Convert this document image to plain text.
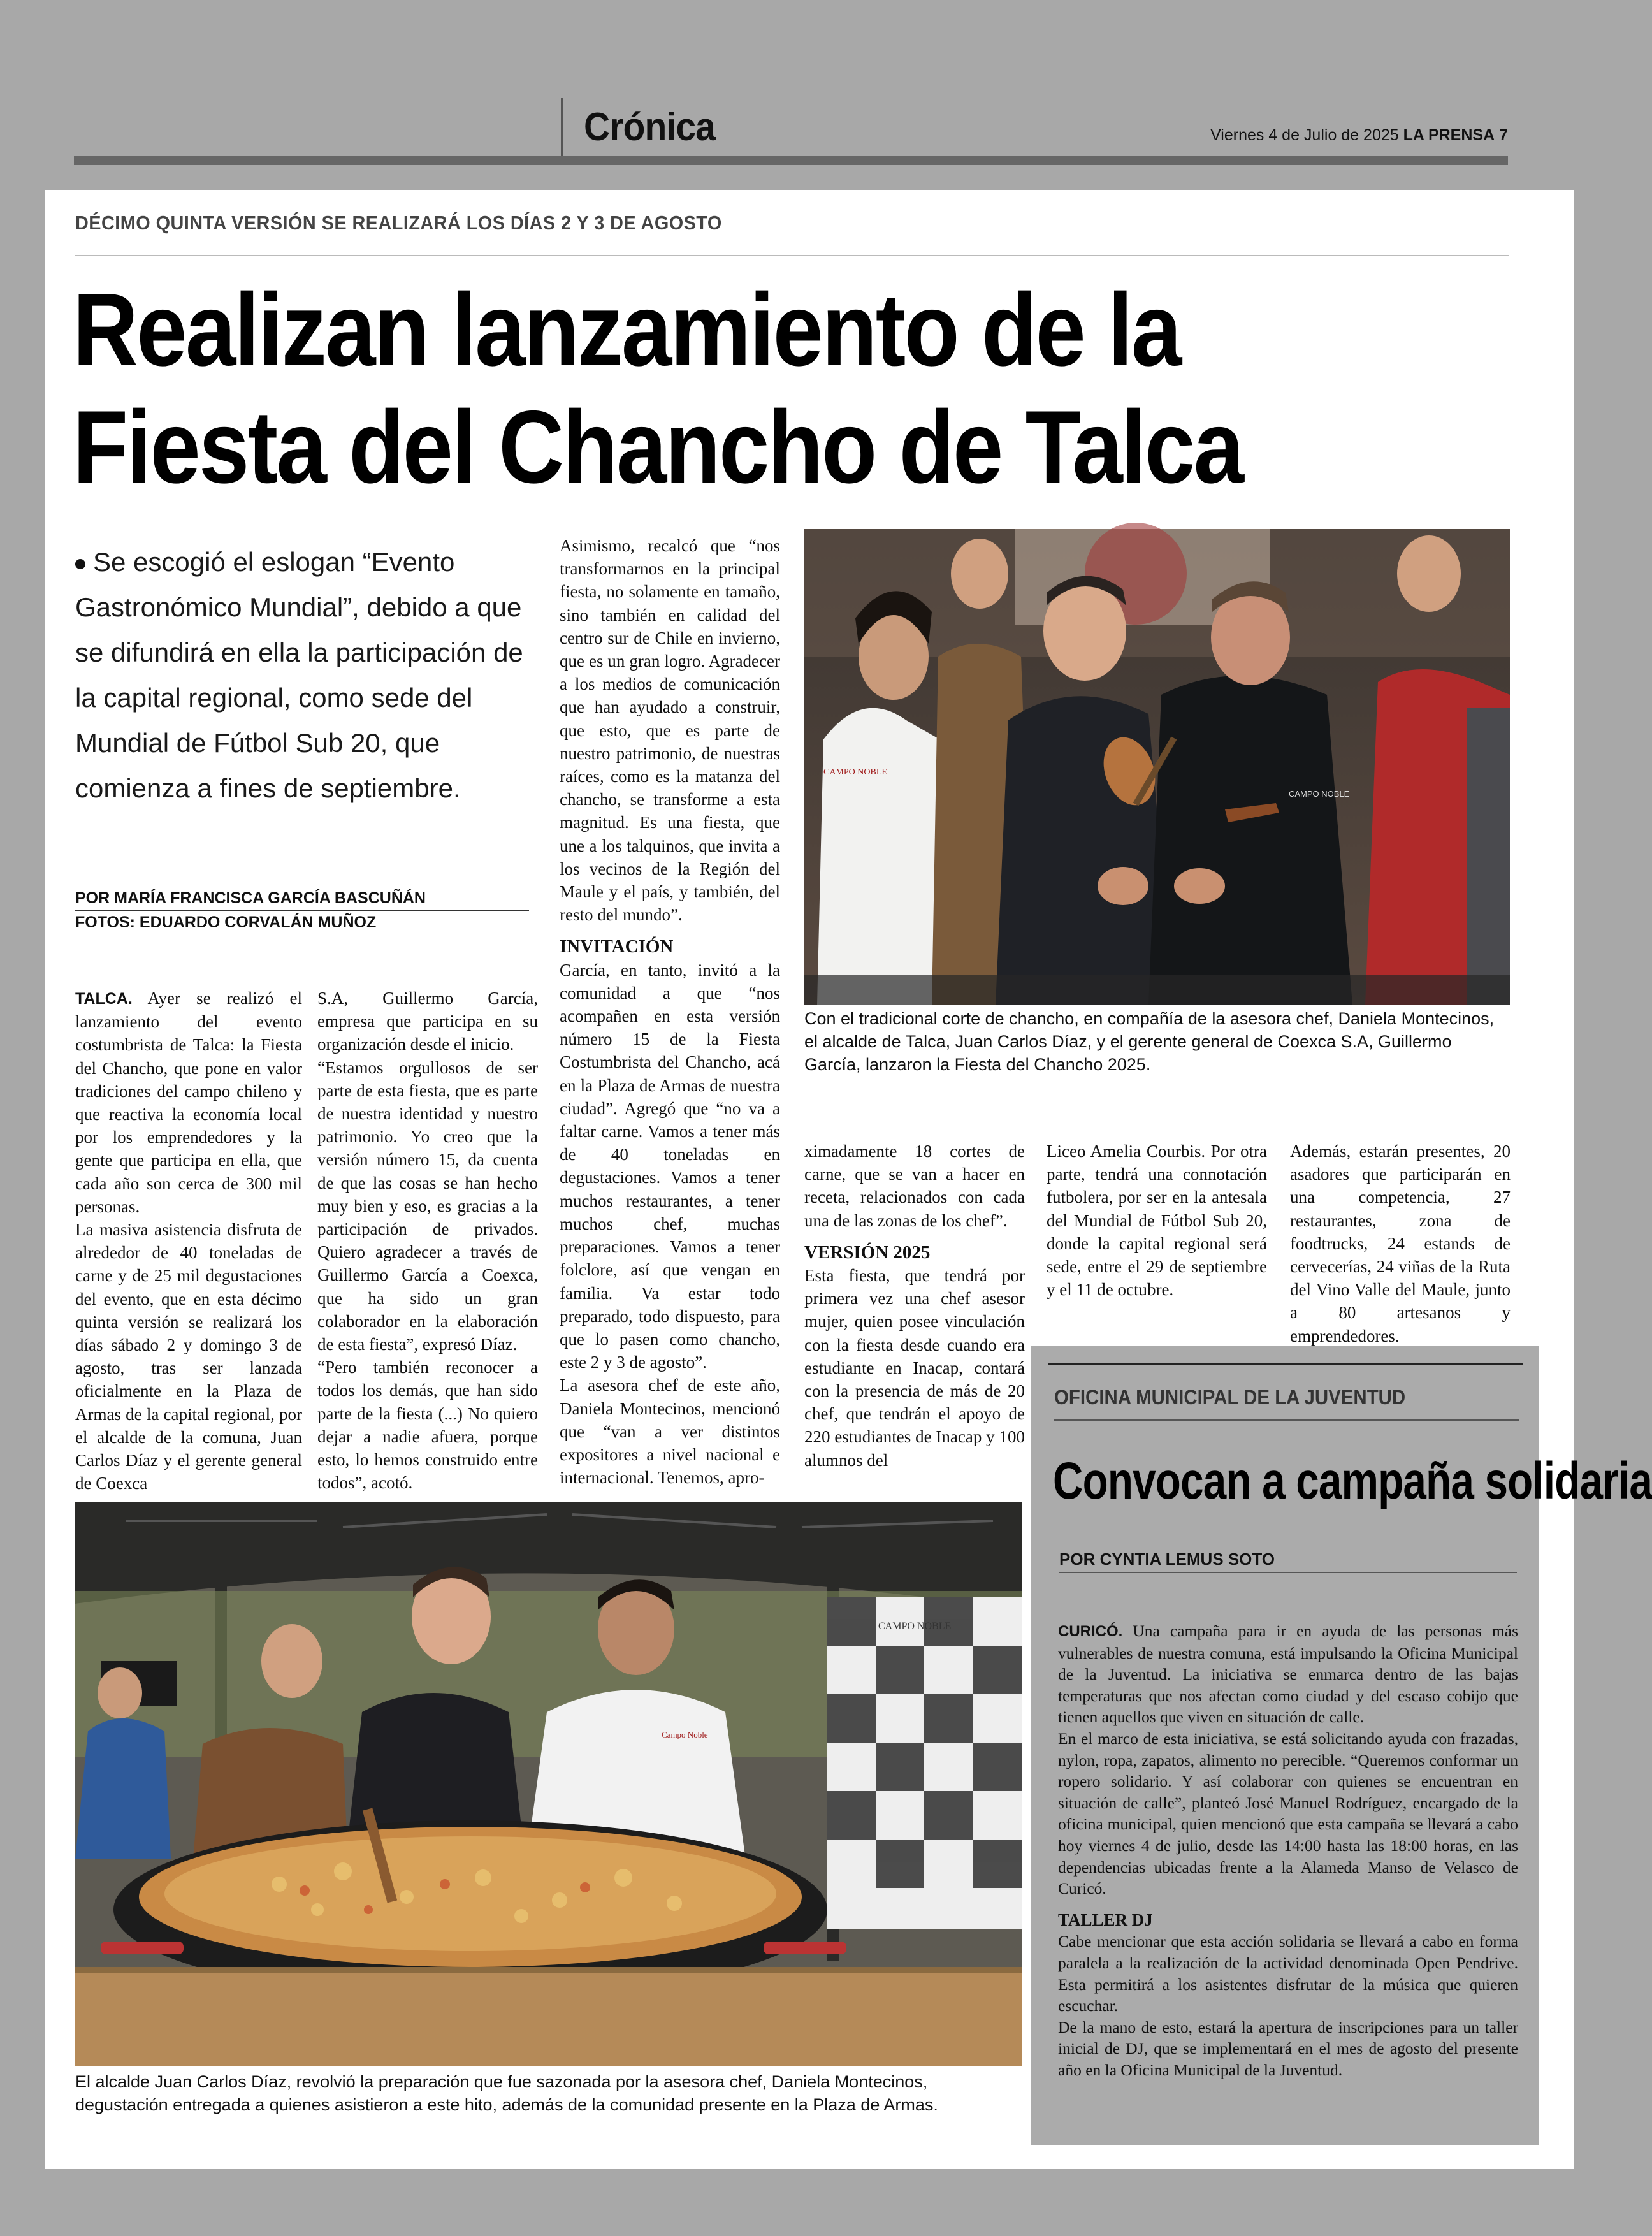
Crónica	Viernes 4 de Julio de 2025 LA PRENSA 7
DÉCIMO QUINTA VERSIÓN SE REALIZARÁ LOS DÍAS 2 Y 3 DE AGOSTO
Realizan lanzamiento de la
Fiesta del Chancho de Talca

Se escogió el eslogan “Evento Gastronómico Mundial”, debido a que se difundirá en ella la participación de la capital regional, como sede del Mundial de Fútbol Sub 20, que comienza a fines de septiembre.

POR MARÍA FRANCISCA GARCÍA BASCUÑÁN
FOTOS: EDUARDO CORVALÁN MUÑOZ

TALCA. Ayer se realizó el lanzamiento del evento costumbrista de Talca: la Fiesta del Chancho, que pone en valor tradiciones del campo chileno y que reactiva la economía local por los emprendedores y la gente que participa en ella, que cada año son cerca de 300 mil personas.

La masiva asistencia disfruta de alrededor de 40 toneladas de carne y de 25 mil degustaciones del evento, que en esta décimo quinta versión se realizará los días sábado 2 y domingo 3 de agosto, tras ser lanzada oficialmente en la Plaza de Armas de la capital regional, por el alcalde de la comuna, Juan Carlos Díaz y el gerente general de Coexca

S.A, Guillermo García, empresa que participa en su organización desde el inicio.

“Estamos orgullosos de ser parte de esta fiesta, que es parte de nuestra identidad y nuestro patrimonio. Yo creo que la versión número 15, da cuenta de que las cosas se han hecho muy bien y eso, es gracias a la participación de privados. Quiero agradecer a través de Guillermo García a Coexca, que ha sido un gran colaborador en la elaboración de esta fiesta”, expresó Díaz.

“Pero también reconocer a todos los demás, que han sido parte de la fiesta (...) No quiero dejar a nadie afuera, porque esto, lo hemos construido entre todos”, acotó.

Asimismo, recalcó que “nos transformarnos en la principal fiesta, no solamente en tamaño, sino también en calidad del centro sur de Chile en invierno, que es un gran logro. Agradecer a los medios de comunicación que han ayudado a construir, que esto, que es parte de nuestro patrimonio, de nuestras raíces, como es la matanza del chancho, se transforme a esta magnitud. Es una fiesta, que une a los talquinos, que invita a los vecinos de la Región del Maule y el país, y también, del resto del mundo”.

INVITACIÓN

García, en tanto, invitó a la comunidad a que “nos acompañen en esta versión número 15 de la Fiesta Costumbrista del Chancho, acá en la Plaza de Armas de nuestra ciudad”. Agregó que “no va a faltar carne. Vamos a tener más de 40 toneladas en degustaciones. Vamos a tener muchos restaurantes, a tener muchos chef, muchas preparaciones. Vamos a tener folclore, así que vengan en familia. Va estar todo preparado, todo dispuesto, para que lo pasen como chancho, este 2 y 3 de agosto”.

La asesora chef de este año, Daniela Montecinos, mencionó que “van a ver distintos expositores a nivel nacional e internacional. Tenemos, apro-

ximadamente 18 cortes de carne, que se van a hacer en receta, relacionados con cada una de las zonas de los chef”.

VERSIÓN 2025

Esta fiesta, que tendrá por primera vez una chef asesor mujer, quien posee vinculación con la fiesta desde cuando era estudiante en Inacap, contará con la presencia de más de 20 chef, que tendrán el apoyo de 220 estudiantes de Inacap y 100 alumnos del

Liceo Amelia Courbis. Por otra parte, tendrá una connotación futbolera, por ser en la antesala del Mundial de Fútbol Sub 20, donde la capital regional será sede, entre el 29 de septiembre y el 11 de octubre.

Además, estarán presentes, 20 asadores que participarán en una competencia, 27 restaurantes, zona de foodtrucks, 24 estands de cervecerías, 24 viñas de la Ruta del Vino Valle del Maule, junto a 80 artesanos y emprendedores.

CAMPO NOBLE
CAMPO NOBLE
Con el tradicional corte de chancho, en compañía de la asesora chef, Daniela Montecinos, el alcalde de Talca, Juan Carlos Díaz, y el gerente general de Coexca S.A, Guillermo García, lanzaron la Fiesta del Chancho 2025.
CAMPO NOBLE
Campo Noble
El alcalde Juan Carlos Díaz, revolvió la preparación que fue sazonada por la asesora chef, Daniela Montecinos, degustación entregada a quienes asistieron a este hito, además de la comunidad presente en la Plaza de Armas.
OFICINA MUNICIPAL DE LA JUVENTUD
Convocan a campaña solidaria
POR CYNTIA LEMUS SOTO

CURICÓ. Una campaña para ir en ayuda de las personas más vulnerables de nuestra comuna, está impulsando la Oficina Municipal de la Juventud. La iniciativa se enmarca dentro de las bajas temperaturas que nos afectan como ciudad y del escaso cobijo que tienen aquellos que viven en situación de calle.

En el marco de esta iniciativa, se está solicitando ayuda con frazadas, nylon, ropa, zapatos, alimento no perecible. “Queremos conformar un ropero solidario. Y así colaborar con quienes se encuentran en situación de calle”, planteó José Manuel Rodríguez, encargado de la oficina municipal, quien mencionó que esta campaña se llevará a cabo hoy viernes 4 de julio, desde las 14:00 hasta las 18:00 horas, en las dependencias ubicadas frente a la Alameda Manso de Velasco de Curicó.

TALLER DJ

Cabe mencionar que esta acción solidaria se llevará a cabo en forma paralela a la realización de la actividad denominada Open Pendrive. Esta permitirá a los asistentes disfrutar de la música que quieren escuchar.

De la mano de esto, estará la apertura de inscripciones para un taller inicial de DJ, que se implementará en el mes de agosto del presente año en la Oficina Municipal de la Juventud.
